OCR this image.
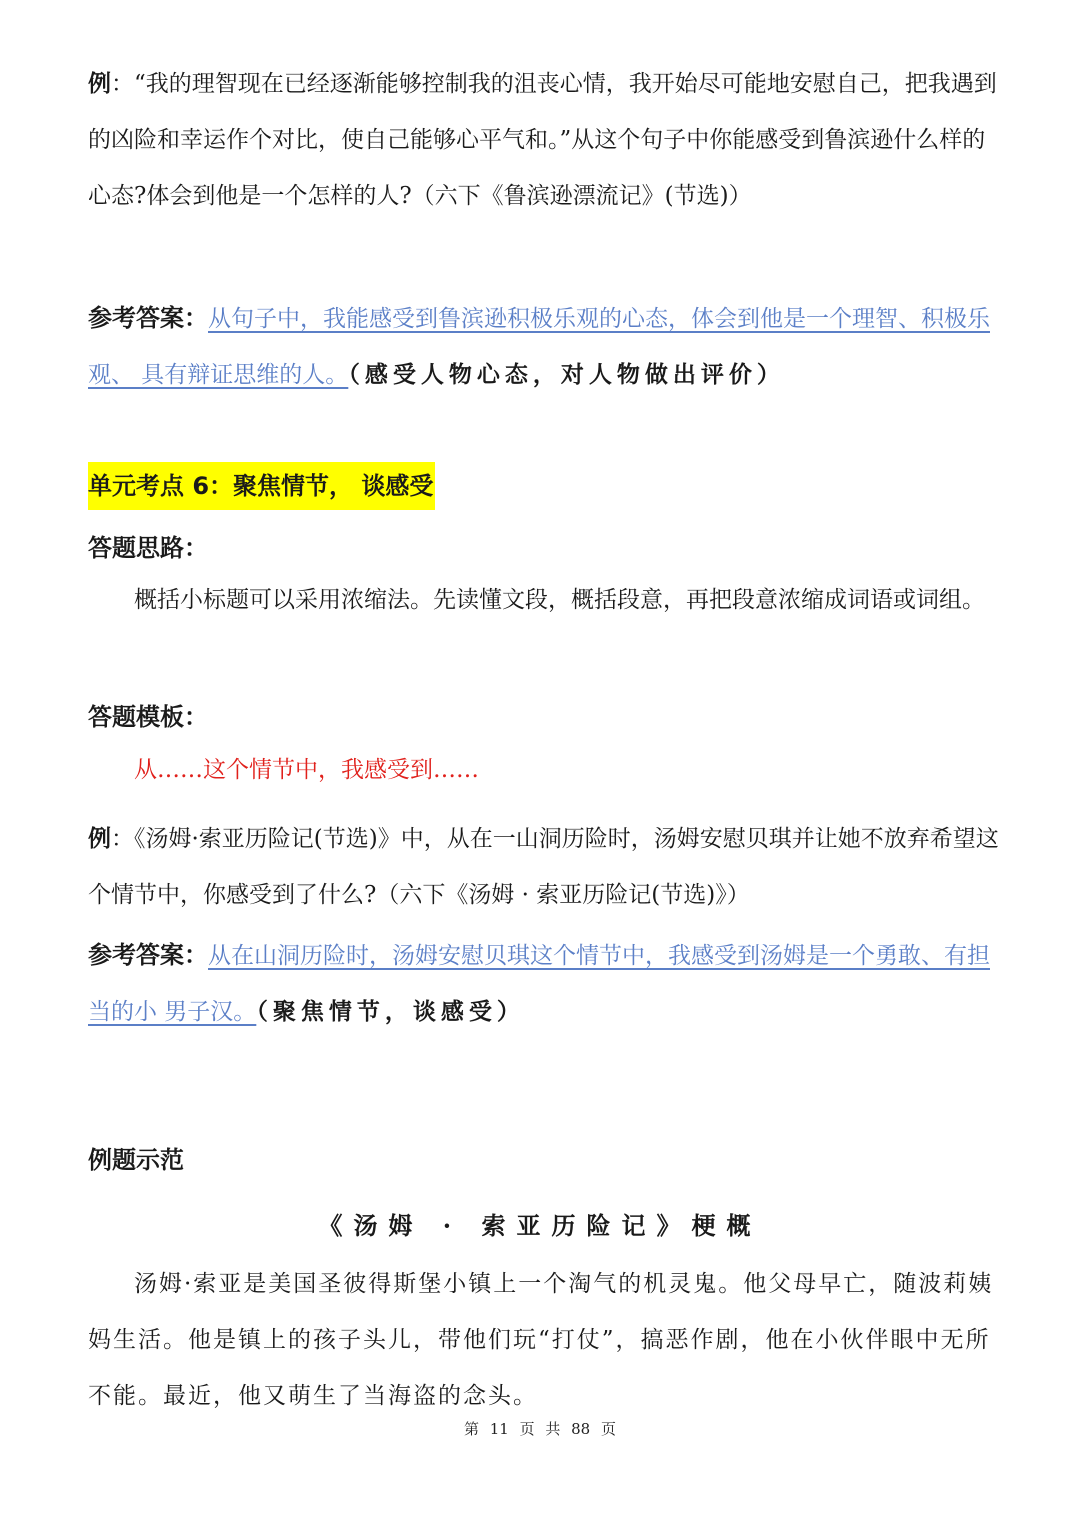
例：“我的理智现在已经逐渐能够控制我的沮丧心情，我开始尽可能地安慰自己，把我遇到的凶险和幸运作个对比，使自己能够心平气和。”从这个句子中你能感受到鲁滨逊什么样的心态?体会到他是一个怎样的人?（六下《鲁滨逊漂流记》(节选)）

参考答案：从句子中，我能感受到鲁滨逊积极乐观的心态，体会到他是一个理智、积极乐观、 具有辩证思维的人。（感受人物心态，对人物做出评价）

单元考点 6：聚焦情节， 谈感受

答题思路：

概括小标题可以采用浓缩法。先读懂文段，概括段意，再把段意浓缩成词语或词组。

答题模板：

从……这个情节中，我感受到……

例：《汤姆·索亚历险记(节选)》中，从在一山洞历险时，汤姆安慰贝琪并让她不放弃希望这个情节中，你感受到了什么?（六下《汤姆 · 索亚历险记(节选)》）

参考答案：从在山洞历险时，汤姆安慰贝琪这个情节中，我感受到汤姆是一个勇敢、有担当的小 男子汉。（聚焦情节，谈感受）

例题示范

《汤姆 · 索亚历险记》梗概

汤姆·索亚是美国圣彼得斯堡小镇上一个淘气的机灵鬼。他父母早亡，随波莉姨妈生活。他是镇上的孩子头儿，带他们玩“打仗”，搞恶作剧，他在小伙伴眼中无所不能。最近，他又萌生了当海盗的念头。

第 11 页 共 88 页
